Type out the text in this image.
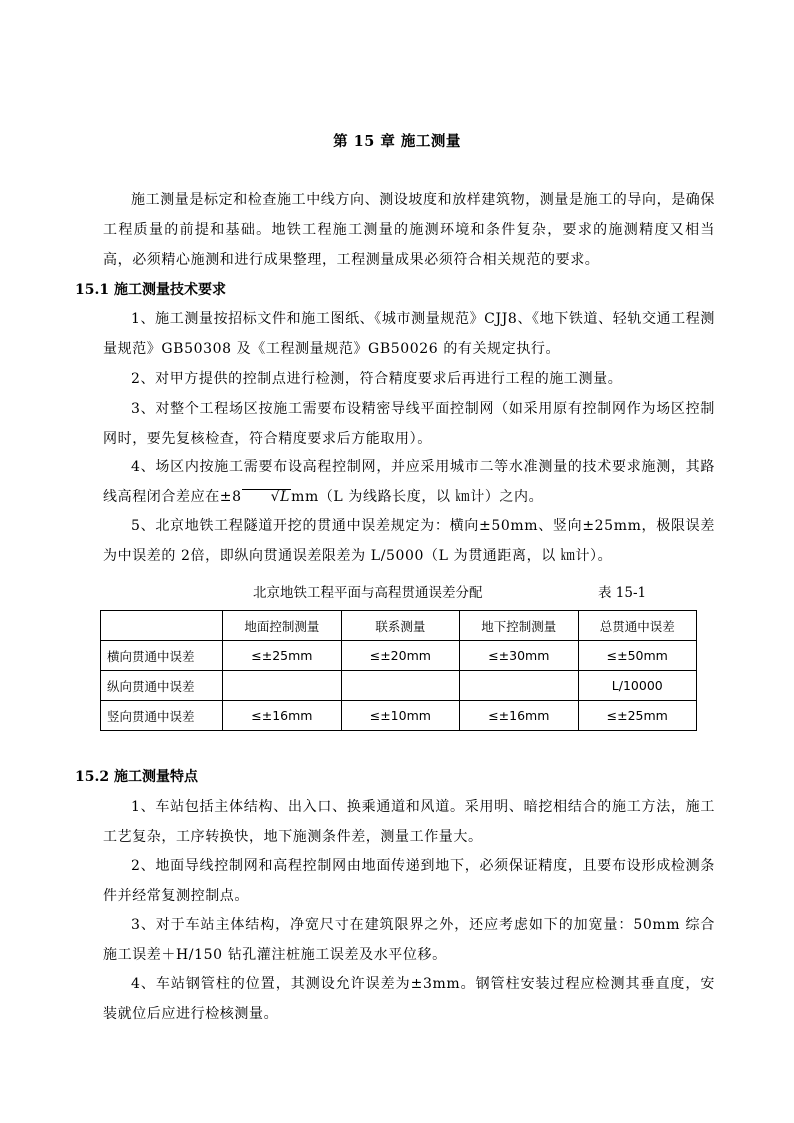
第 15 章 施工测量
施工测量是标定和检查施工中线方向、测设坡度和放样建筑物，测量是施工的导向，是确保工程质量的前提和基础。地铁工程施工测量的施测环境和条件复杂，要求的施测精度又相当高，必须精心施测和进行成果整理，工程测量成果必须符合相关规范的要求。
15.1 施工测量技术要求
1、施工测量按招标文件和施工图纸、《城市测量规范》CJJ8、《地下铁道、轻轨交通工程测量规范》GB50308 及《工程测量规范》GB50026 的有关规定执行。
2、对甲方提供的控制点进行检测，符合精度要求后再进行工程的施工测量。
3、对整个工程场区按施工需要布设精密导线平面控制网（如采用原有控制网作为场区控制网时，要先复核检查，符合精度要求后方能取用）。
4、场区内按施工需要布设高程控制网，并应采用城市二等水准测量的技术要求施测，其路线高程闭合差应在±8 √Lmm（L 为线路长度，以 ㎞计）之内。
5、北京地铁工程隧道开挖的贯通中误差规定为：横向±50mm、竖向±25mm，极限误差为中误差的 2倍，即纵向贯通误差限差为 L/5000（L 为贯通距离，以 ㎞计）。
北京地铁工程平面与高程贯通误差分配	表 15-1
	地面控制测量	联系测量	地下控制测量	总贯通中误差
横向贯通中误差	≤±25mm	≤±20mm	≤±30mm	≤±50mm
纵向贯通中误差				L/10000
竖向贯通中误差	≤±16mm	≤±10mm	≤±16mm	≤±25mm
15.2 施工测量特点
1、车站包括主体结构、出入口、换乘通道和风道。采用明、暗挖相结合的施工方法，施工工艺复杂，工序转换快，地下施测条件差，测量工作量大。
2、地面导线控制网和高程控制网由地面传递到地下，必须保证精度，且要布设形成检测条件并经常复测控制点。
3、对于车站主体结构，净宽尺寸在建筑限界之外，还应考虑如下的加宽量：50mm 综合施工误差＋H/150 钻孔灌注桩施工误差及水平位移。
4、车站钢管柱的位置，其测设允许误差为±3mm。钢管柱安装过程应检测其垂直度，安装就位后应进行检核测量。
